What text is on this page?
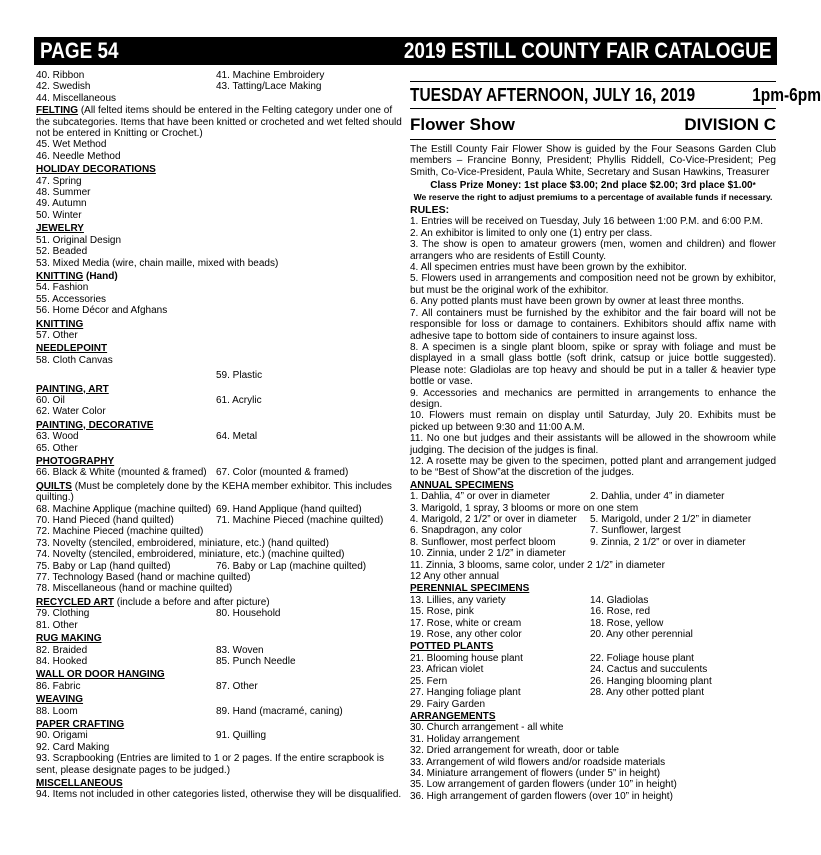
PAGE 54	2019 ESTILL COUNTY FAIR CATALOGUE
40. Ribbon	41. Machine Embroidery
42. Swedish	43. Tatting/Lace Making
44. Miscellaneous
FELTING (All felted items should be entered in the Felting category under one of the subcategories. Items that have been knitted or crocheted and wet felted should not be entered in Knitting or Crochet.)
45. Wet Method
46. Needle Method
HOLIDAY DECORATIONS
47. Spring
48. Summer
49. Autumn
50. Winter
JEWELRY
51. Original Design
52. Beaded
53. Mixed Media (wire, chain maille, mixed with beads)
KNITTING (Hand)
54. Fashion
55. Accessories
56. Home Décor and Afghans
KNITTING
57. Other
NEEDLEPOINT
58. Cloth Canvas
59. Plastic
PAINTING, ART
60. Oil	61. Acrylic
62. Water Color
PAINTING, DECORATIVE
63. Wood	64. Metal
65. Other
PHOTOGRAPHY
66. Black & White (mounted & framed) 67. Color (mounted & framed)
QUILTS (Must be completely done by the KEHA member exhibitor. This includes quilting.)
68. Machine Applique (machine quilted) 69. Hand Applique (hand quilted)
70. Hand Pieced (hand quilted)	71. Machine Pieced (machine quilted)
72. Machine Pieced (machine quilted)
73. Novelty (stenciled, embroidered, miniature, etc.) (hand quilted)
74. Novelty (stenciled, embroidered, miniature, etc.) (machine quilted)
75. Baby or Lap (hand quilted)	76. Baby or Lap (machine quilted)
77. Technology Based (hand or machine quilted)
78. Miscellaneous (hand or machine quilted)
RECYCLED ART (include a before and after picture)
79. Clothing	80. Household
81. Other
RUG MAKING
82. Braided	83. Woven
84. Hooked	85. Punch Needle
WALL OR DOOR HANGING
86. Fabric	87. Other
WEAVING
88. Loom	89. Hand (macramé, caning)
PAPER CRAFTING
90. Origami	91. Quilling
92. Card Making
93. Scrapbooking (Entries are limited to 1 or 2 pages. If the entire scrapbook is sent, please designate pages to be judged.)
MISCELLANEOUS
94. Items not included in other categories listed, otherwise they will be disqualified.
TUESDAY AFTERNOON, JULY 16, 2019	1pm-6pm
Flower Show	DIVISION C
The Estill County Fair Flower Show is guided by the Four Seasons Garden Club members – Francine Bonny, President; Phyllis Riddell, Co-Vice-President; Peg Smith, Co-Vice-President, Paula White, Secretary and Susan Hawkins, Treasurer
Class Prize Money: 1st place $3.00; 2nd place $2.00; 3rd place $1.00*
We reserve the right to adjust premiums to a percentage of available funds if necessary.
RULES:
1. Entries will be received on Tuesday, July 16 between 1:00 P.M. and 6:00 P.M.
2. An exhibitor is limited to only one (1) entry per class.
3. The show is open to amateur growers (men, women and children) and flower arrangers who are residents of Estill County.
4. All specimen entries must have been grown by the exhibitor.
5. Flowers used in arrangements and composition need not be grown by exhibitor, but must be the original work of the exhibitor.
6. Any potted plants must have been grown by owner at least three months.
7. All containers must be furnished by the exhibitor and the fair board will not be responsible for loss or damage to containers. Exhibitors should affix name with adhesive tape to bottom side of containers to insure against loss.
8. A specimen is a single plant bloom, spike or spray with foliage and must be displayed in a small glass bottle (soft drink, catsup or juice bottle suggested). Please note: Gladiolas are top heavy and should be put in a taller & heavier type bottle or vase.
9. Accessories and mechanics are permitted in arrangements to enhance the design.
10. Flowers must remain on display until Saturday, July 20. Exhibits must be picked up between 9:30 and 11:00 A.M.
11. No one but judges and their assistants will be allowed in the showroom while judging. The decision of the judges is final.
12. A rosette may be given to the specimen, potted plant and arrangement judged to be “Best of Show”at the discretion of the judges.
ANNUAL SPECIMENS
1. Dahlia, 4” or over in diameter	2. Dahlia, under 4” in diameter
3. Marigold, 1 spray, 3 blooms or more on one stem
4. Marigold, 2 1/2” or over in diameter	5. Marigold, under 2 1/2” in diameter
6. Snapdragon, any color	7. Sunflower, largest
8. Sunflower, most perfect bloom	9. Zinnia, 2 1/2” or over in diameter
10. Zinnia, under 2 1/2” in diameter
11. Zinnia, 3 blooms, same color, under 2 1/2” in diameter
12 Any other annual
PERENNIAL SPECIMENS
13. Lillies, any variety	14. Gladiolas
15. Rose, pink	16. Rose, red
17. Rose, white or cream	18. Rose, yellow
19. Rose, any other color	20. Any other perennial
POTTED PLANTS
21. Blooming house plant	22. Foliage house plant
23. African violet	24. Cactus and succulents
25. Fern	26. Hanging blooming plant
27. Hanging foliage plant	28. Any other potted plant
29. Fairy Garden
ARRANGEMENTS
30. Church arrangement - all white
31. Holiday arrangement
32. Dried arrangement for wreath, door or table
33. Arrangement of wild flowers and/or roadside materials
34. Miniature arrangement of flowers (under 5” in height)
35. Low arrangement of garden flowers (under 10” in height)
36. High arrangement of garden flowers (over 10” in height)
